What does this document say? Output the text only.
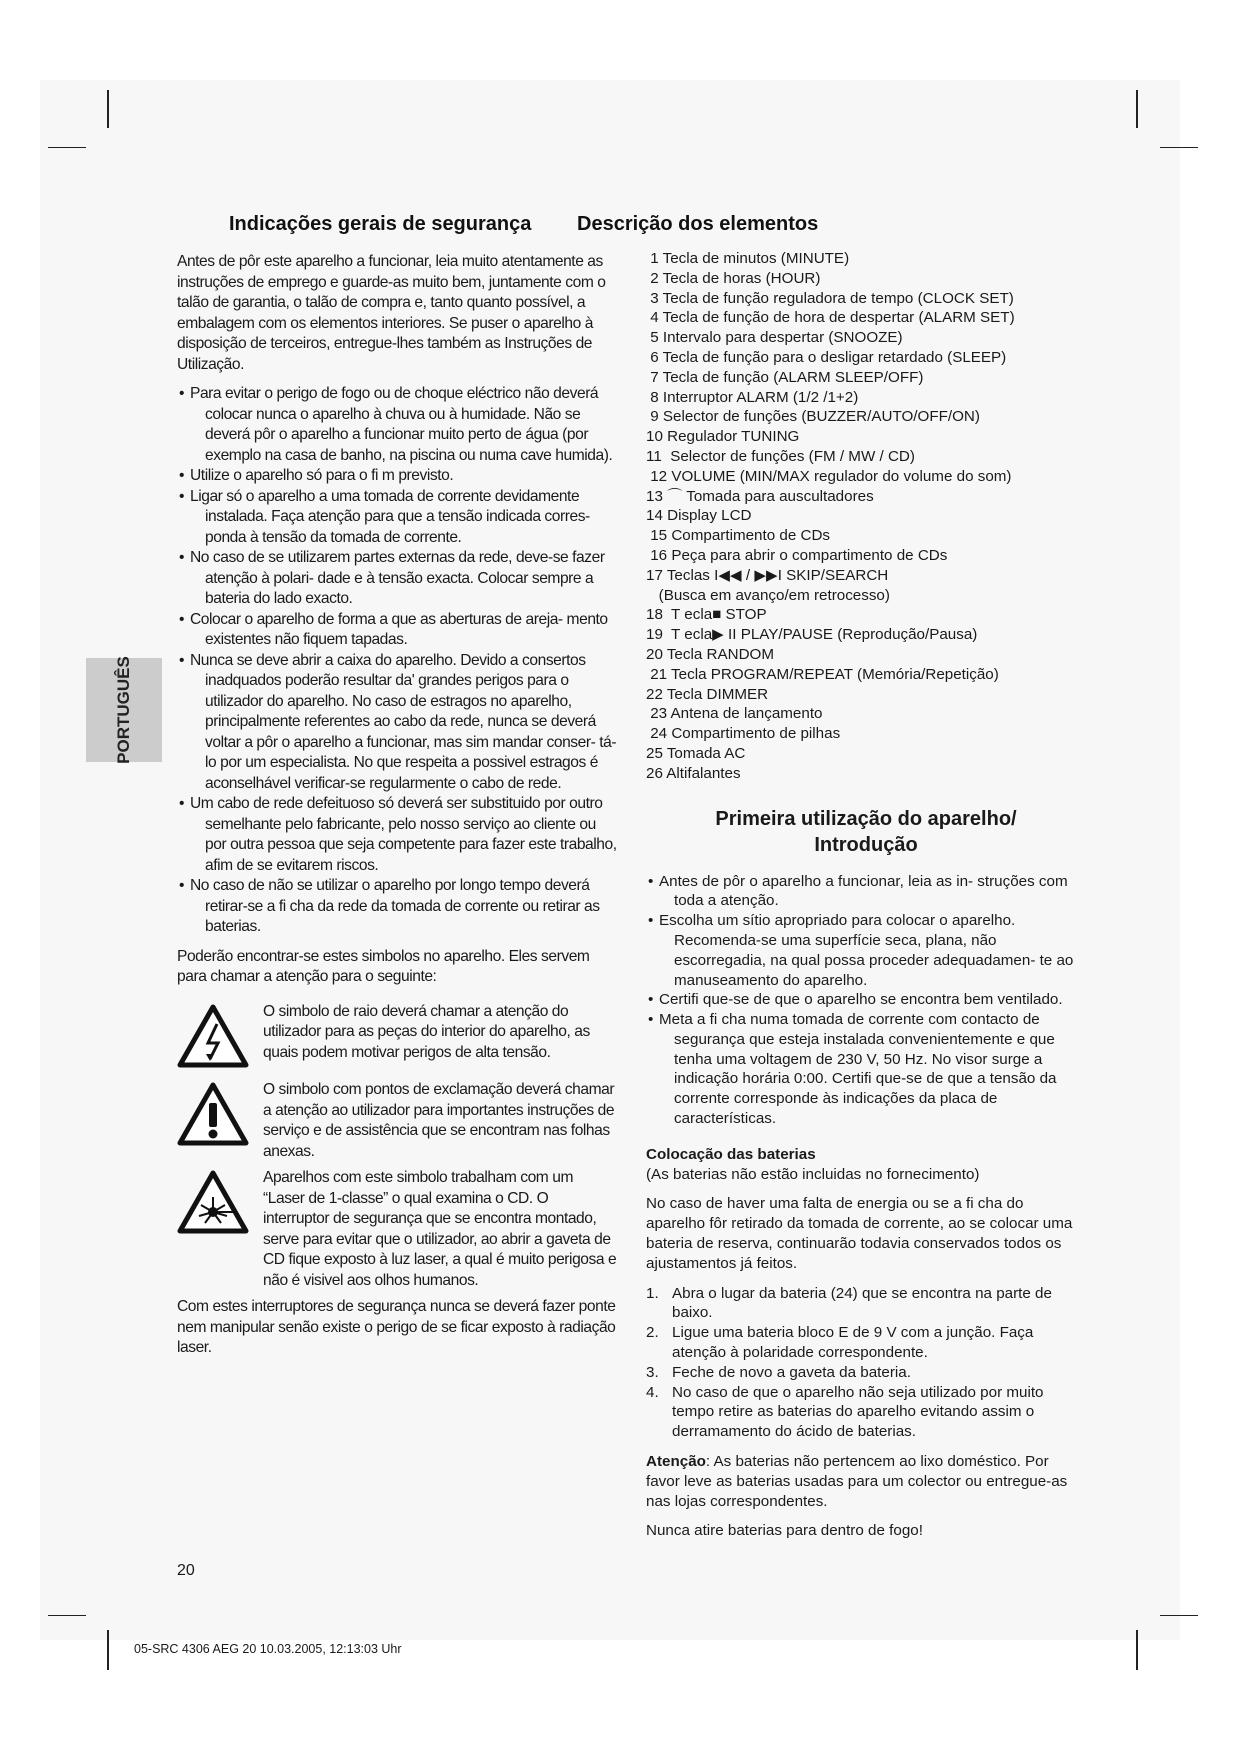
Indicações gerais de segurança Descrição dos elementos
PORTUGUÊS

Antes de pôr este aparelho a funcionar, leia muito atentamente as instruções de emprego e guarde-as muito bem, juntamente com o talão de garantia, o talão de compra e, tanto quanto possível, a embalagem com os elementos interiores. Se puser o aparelho à disposição de terceiros, entregue-lhes também as Instruções de Utilização.

• Para evitar o perigo de fogo ou de choque eléctrico não deverá colocar nunca o aparelho à chuva ou à humidade. Não se deverá pôr o aparelho a funcionar muito perto de água (por exemplo na casa de banho, na piscina ou numa cave humida).
• Utilize o aparelho só para o fi m previsto.
• Ligar só o aparelho a uma tomada de corrente devidamente instalada. Faça atenção para que a tensão indicada corres- ponda à tensão da tomada de corrente.
• No caso de se utilizarem partes externas da rede, deve-se fazer atenção à polari- dade e à tensão exacta. Colocar sempre a bateria do lado exacto.
• Colocar o aparelho de forma a que as aberturas de areja- mento existentes não fiquem tapadas.
• Nunca se deve abrir a caixa do aparelho. Devido a consertos inadquados poderão resultar da' grandes perigos para o utilizador do aparelho. No caso de estragos no aparelho, principalmente referentes ao cabo da rede, nunca se deverá voltar a pôr o aparelho a funcionar, mas sim mandar conser- tá-lo por um especialista. No que respeita a possivel estragos é aconselhável verificar-se regularmente o cabo de rede.
• Um cabo de rede defeituoso só deverá ser substituido por outro semelhante pelo fabricante, pelo nosso serviço ao cliente ou por outra pessoa que seja competente para fazer este trabalho, afim de se evitarem riscos.
• No caso de não se utilizar o aparelho por longo tempo deverá retirar-se a fi cha da rede da tomada de corrente ou retirar as baterias.

Poderão encontrar-se estes simbolos no aparelho. Eles servem para chamar a atenção para o seguinte:

O simbolo de raio deverá chamar a atenção do utilizador para as peças do interior do aparelho, as quais podem motivar perigos de alta tensão.

O simbolo com pontos de exclamação deverá chamar a atenção ao utilizador para importantes instruções de serviço e de assistência que se encontram nas folhas anexas.

Aparelhos com este simbolo trabalham com um “Laser de 1-classe” o qual examina o CD. O interruptor de segurança que se encontra montado, serve para evitar que o utilizador, ao abrir a gaveta de CD fique exposto à luz laser, a qual é muito perigosa e não é visivel aos olhos humanos.

Com estes interruptores de segurança nunca se deverá fazer ponte nem manipular senão existe o perigo de se ficar exposto à radiação laser.

1 Tecla de minutos (MINUTE)
2 Tecla de horas (HOUR)
3 Tecla de função reguladora de tempo (CLOCK SET)
4 Tecla de função de hora de despertar (ALARM SET)
5 Intervalo para despertar (SNOOZE)
6 Tecla de função para o desligar retardado (SLEEP)
7 Tecla de função (ALARM SLEEP/OFF)
8 Interruptor ALARM (1/2 /1+2)
9 Selector de funções (BUZZER/AUTO/OFF/ON)
10 Regulador TUNING
11  Selector de funções (FM / MW / CD)
12 VOLUME (MIN/MAX regulador do volume do som)
13 ⌒ Tomada para auscultadores
14 Display LCD
15 Compartimento de CDs
16 Peça para abrir o compartimento de CDs
17 Teclas I◀◀ / ▶▶I SKIP/SEARCH
(Busca em avanço/em retrocesso)
18  T ecla■ STOP
19  T ecla▶ II PLAY/PAUSE (Reprodução/Pausa)
20 Tecla RANDOM
21 Tecla PROGRAM/REPEAT (Memória/Repetição)
22 Tecla DIMMER
23 Antena de lançamento
24 Compartimento de pilhas
25 Tomada AC
26 Altifalantes
Primeira utilização do aparelho/
Introdução
• Antes de pôr o aparelho a funcionar, leia as in- struções com toda a atenção.
• Escolha um sítio apropriado para colocar o aparelho. Recomenda-se uma superfície seca, plana, não escorregadia, na qual possa proceder adequadamen- te ao manuseamento do aparelho.
• Certifi que-se de que o aparelho se encontra bem ventilado.
• Meta a fi cha numa tomada de corrente com contacto de segurança que esteja instalada convenientemente e que tenha uma voltagem de 230 V, 50 Hz. No visor surge a indicação horária 0:00. Certifi que-se de que a tensão da corrente corresponde às indicações da placa de características.
Colocação das baterias

(As baterias não estão incluidas no fornecimento)

No caso de haver uma falta de energia ou se a fi cha do aparelho fôr retirado da tomada de corrente, ao se colocar uma bateria de reserva, continuarão todavia conservados todos os ajustamentos já feitos.

1. Abra o lugar da bateria (24) que se encontra na parte de baixo.
2. Ligue uma bateria bloco E de 9 V com a junção. Faça atenção à polaridade correspondente.
3. Feche de novo a gaveta da bateria.
4. No caso de que o aparelho não seja utilizado por muito tempo retire as baterias do aparelho evitando assim o derramamento do ácido de baterias.

Atenção: As baterias não pertencem ao lixo doméstico. Por favor leve as baterias usadas para um colector ou entregue-as nas lojas correspondentes.

Nunca atire baterias para dentro de fogo!

20
05-SRC 4306 AEG 20 10.03.2005, 12:13:03 Uhr
